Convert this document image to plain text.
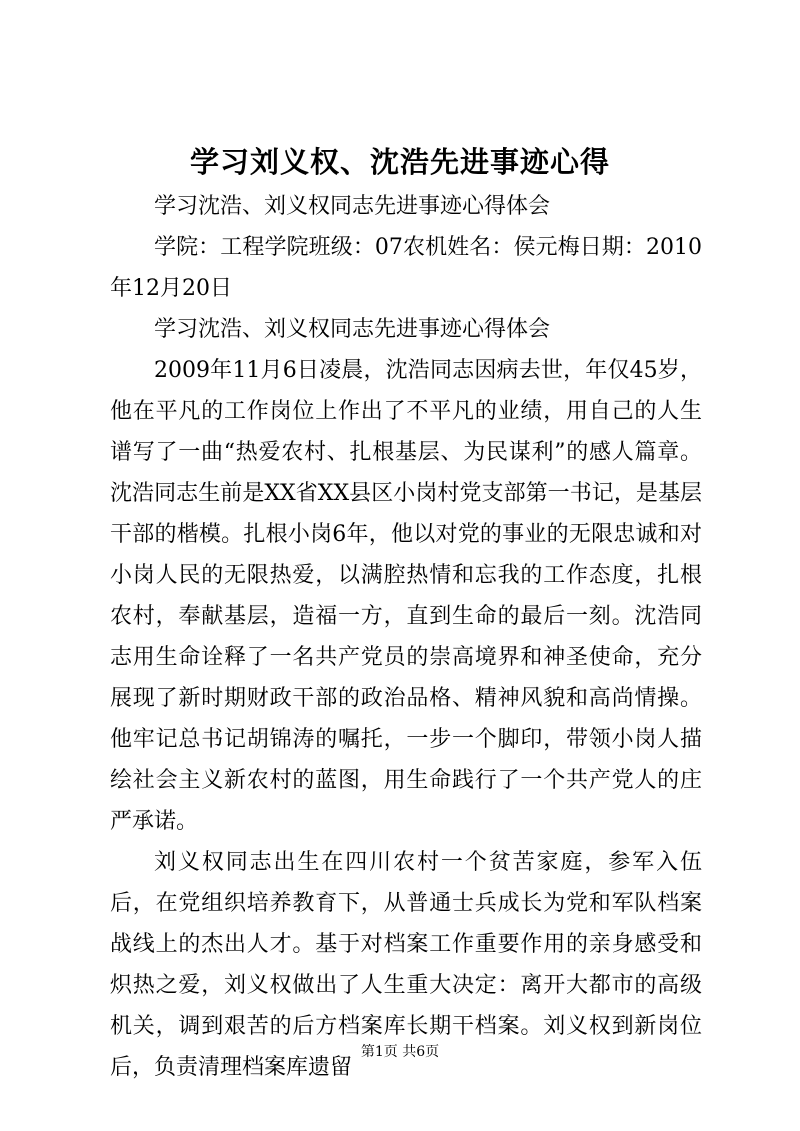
学习刘义权、沈浩先进事迹心得

学习沈浩、刘义权同志先进事迹心得体会

学院：工程学院班级：07农机姓名：侯元梅日期：2010年12月20日

学习沈浩、刘义权同志先进事迹心得体会

2009年11月6日凌晨，沈浩同志因病去世，年仅45岁，他在平凡的工作岗位上作出了不平凡的业绩，用自己的人生谱写了一曲“热爱农村、扎根基层、为民谋利”的感人篇章。沈浩同志生前是XX省XX县区小岗村党支部第一书记，是基层干部的楷模。扎根小岗6年，他以对党的事业的无限忠诚和对小岗人民的无限热爱，以满腔热情和忘我的工作态度，扎根农村，奉献基层，造福一方，直到生命的最后一刻。沈浩同志用生命诠释了一名共产党员的崇高境界和神圣使命，充分展现了新时期财政干部的政治品格、精神风貌和高尚情操。他牢记总书记胡锦涛的嘱托，一步一个脚印，带领小岗人描绘社会主义新农村的蓝图，用生命践行了一个共产党人的庄严承诺。

刘义权同志出生在四川农村一个贫苦家庭，参军入伍后，在党组织培养教育下，从普通士兵成长为党和军队档案战线上的杰出人才。基于对档案工作重要作用的亲身感受和炽热之爱，刘义权做出了人生重大决定：离开大都市的高级机关，调到艰苦的后方档案库长期干档案。刘义权到新岗位后，负责清理档案库遗留

第1页 共6页
